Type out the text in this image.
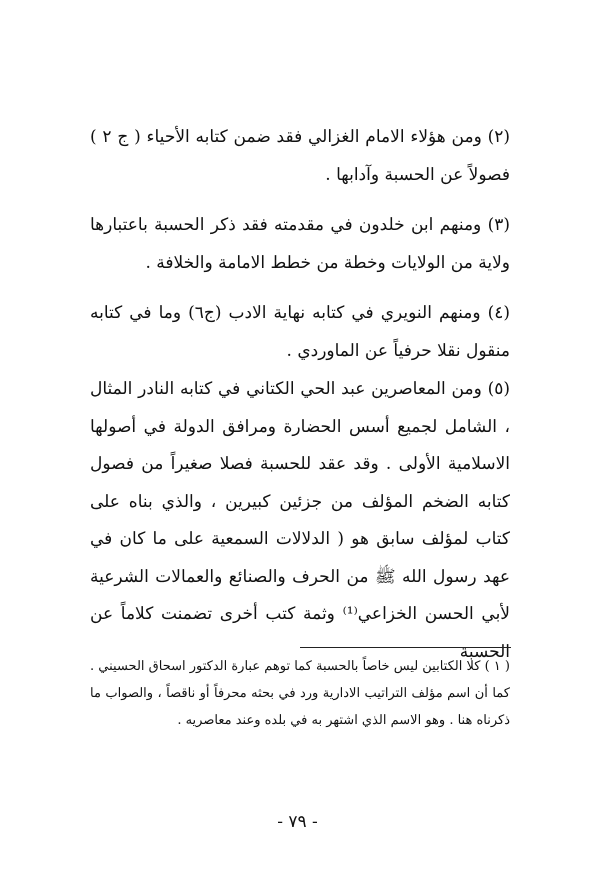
(٢) ومن هؤلاء الامام الغزالي فقد ضمن كتابه الأحياء ( ج ٢ ) فصولاً عن الحسبة وآدابها .

(٣) ومنهم ابن خلدون في مقدمته فقد ذكر الحسبة باعتبارها ولاية من الولايات وخطة من خطط الامامة والخلافة .

(٤) ومنهم النويري في كتابه نهاية الادب (ج٦) وما في كتابه منقول نقلا حرفياً عن الماوردي .

(٥) ومن المعاصرين عبد الحي الكتاني في كتابه النادر المثال ، الشامل لجميع أسس الحضارة ومرافق الدولة في أصولها الاسلامية الأولى . وقد عقد للحسبة فصلا صغيراً من فصول كتابه الضخم المؤلف من جزئين كبيرين ، والذي بناه على كتاب لمؤلف سابق هو ( الدلالات السمعية على ما كان في عهد رسول الله ﷺ من الحرف والصنائع والعمالات الشرعية لأبي الحسن الخزاعي⁽¹⁾ وثمة كتب أخرى تضمنت كلاماً عن الحسبة

( ١ ) كلا الكتابين ليس خاصاً بالحسبة كما توهم عبارة الدكتور اسحاق الحسيني . كما أن اسم مؤلف التراتيب الادارية ورد في بحثه محرفاً أو ناقصاً ، والصواب ما ذكرناه هنا . وهو الاسم الذي اشتهر به في بلده وعند معاصريه .

- ٧٩ -
